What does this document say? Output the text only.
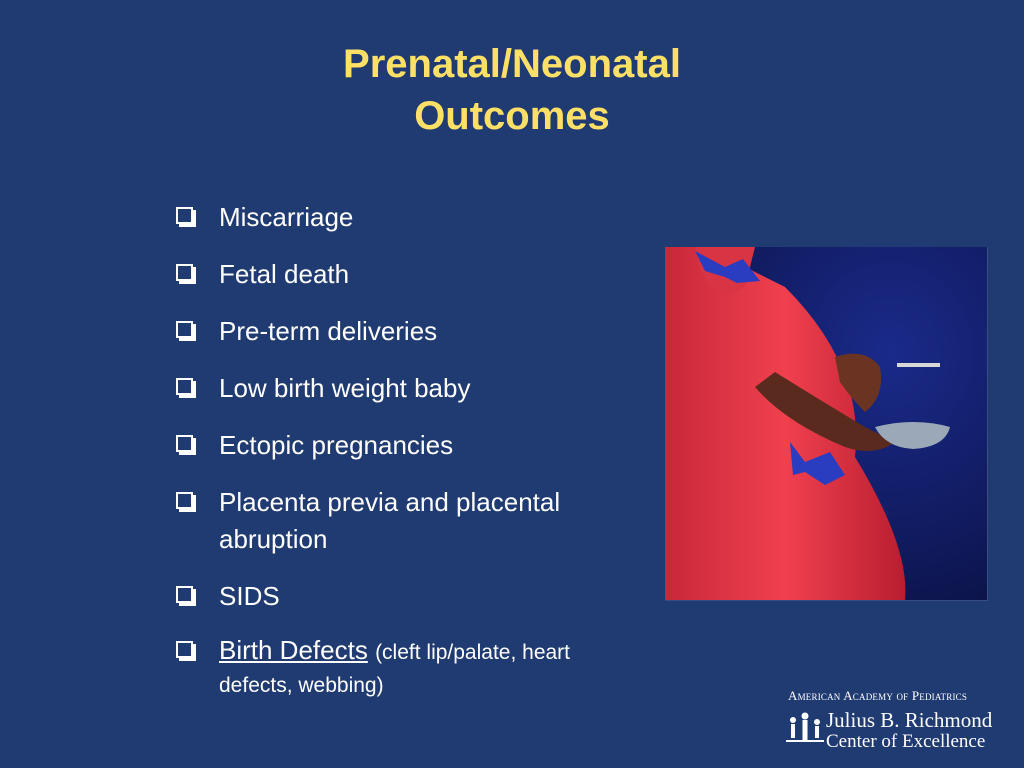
Prenatal/Neonatal
Outcomes
Miscarriage
Fetal death
Pre-term deliveries
Low birth weight baby
Ectopic pregnancies
Placenta previa and placental abruption
SIDS
Birth Defects (cleft lip/palate, heart defects, webbing)	American Academy of Pediatrics
Julius B. Richmond
Center of Excellence
